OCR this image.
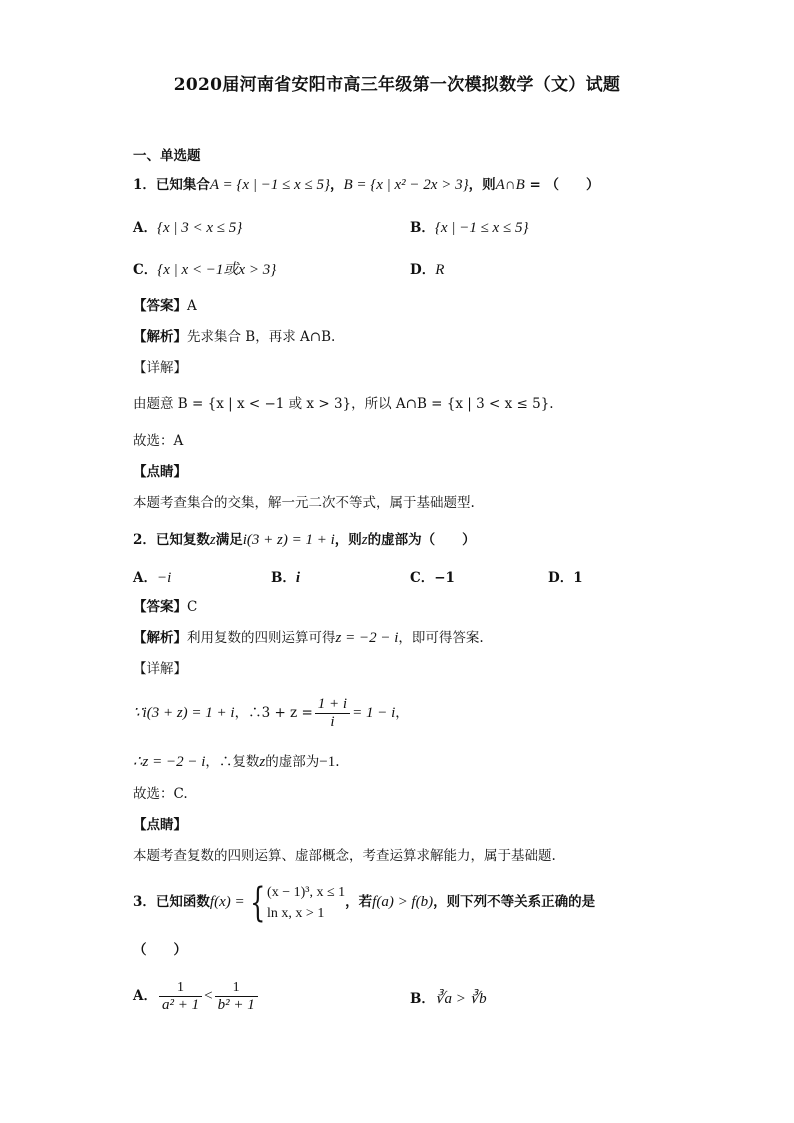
2020届河南省安阳市高三年级第一次模拟数学（文）试题
一、单选题
1．已知集合A = {x | −1 ≤ x ≤ 5}，B = {x | x² − 2x > 3}，则A∩B = （　　）
A．{x | 3 < x ≤ 5}	B．{x | −1 ≤ x ≤ 5}
C．{x | x < −1或x > 3}	D．R
【答案】A
【解析】先求集合 B，再求 A∩B.
【详解】
由题意 B = {x | x < −1 或 x > 3}，所以 A∩B = {x | 3 < x ≤ 5}.
故选：A
【点睛】
本题考查集合的交集，解一元二次不等式，属于基础题型.
2．已知复数z满足i(3 + z) = 1 + i，则z的虚部为（　　）
A．−i	B．i	C．−1	D．1
【答案】C
【解析】利用复数的四则运算可得z = −2 − i，即可得答案.
【详解】
∵i(3 + z) = 1 + i，∴3 + $z = \frac{1 + i}{i} = 1 - i$，
∴z = −2 − i，∴复数z的虚部为−1.
故选：C.
【点睛】
本题考查复数的四则运算、虚部概念，考查运算求解能力，属于基础题.
3．已知函数f(x) = { (x − 1)³, x ≤ 1
ln x, x > 1
，若f(a) > f(b)，则下列不等关系正确的是
（　　）
A． $\frac{1}{\text{a² + 1}} < \frac{1}{\text{b² + 1}}$	B．∛a > ∛b
